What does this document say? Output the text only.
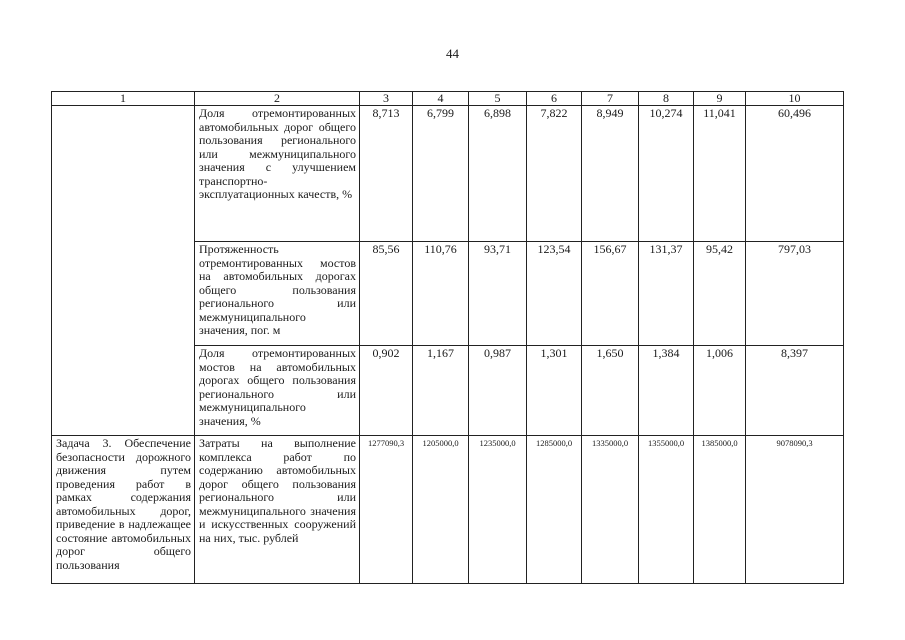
44
1	2	3	4	5	6	7	8	9	10
	Доля отремонтированных автомобильных дорог общего пользования регионального или межмуниципального значения с улучшением транспортно-эксплуатационных качеств, %	8,713	6,799	6,898	7,822	8,949	10,274	11,041	60,496
	Протяженность отремонтированных мостов на автомобильных дорогах общего пользования регионального или межмуниципального значения, пог. м	85,56	110,76	93,71	123,54	156,67	131,37	95,42	797,03
	Доля отремонтированных мостов на автомобильных дорогах общего пользования регионального или межмуниципального значения, %	0,902	1,167	0,987	1,301	1,650	1,384	1,006	8,397
Задача 3. Обеспечение безопасности дорожного движения путем проведения работ в рамках содержания автомобильных дорог, приведение в надлежащее состояние автомобильных дорог общего пользования	Затраты на выполнение комплекса работ по содержанию автомобильных дорог общего пользования регионального или межмуниципального значения и искусственных сооружений на них, тыс. рублей	1277090,3	1205000,0	1235000,0	1285000,0	1335000,0	1355000,0	1385000,0	9078090,3
